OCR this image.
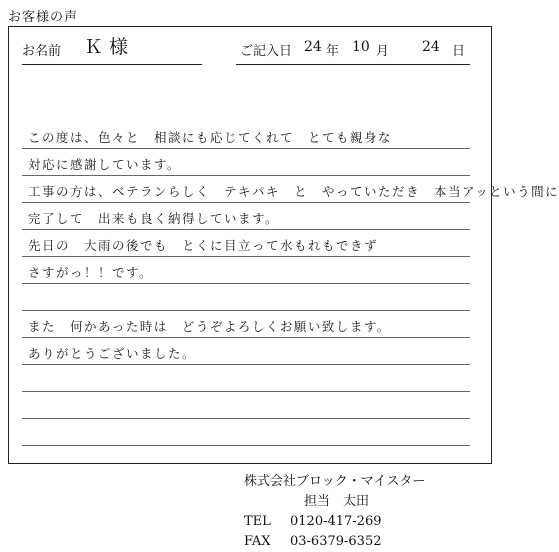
お客様の声
お名前 Ｋ 様	ご記入日 24 年 10 月 24 日
この度は、色々と　相談にも応じてくれて　とても親身な
対応に感謝しています。
工事の方は、ベテランらしく　テキパキ　と　やっていただき　本当アッという間に
完了して　出来も良く納得しています。
先日の　大雨の後でも　とくに目立って水もれもできず
さすがっ！！です。
また　何かあった時は　どうぞよろしくお願い致します。
ありがとうございました。
株式会社ブロック・マイスター
担当　太田
TEL 0120-417-269
FAX 03-6379-6352
